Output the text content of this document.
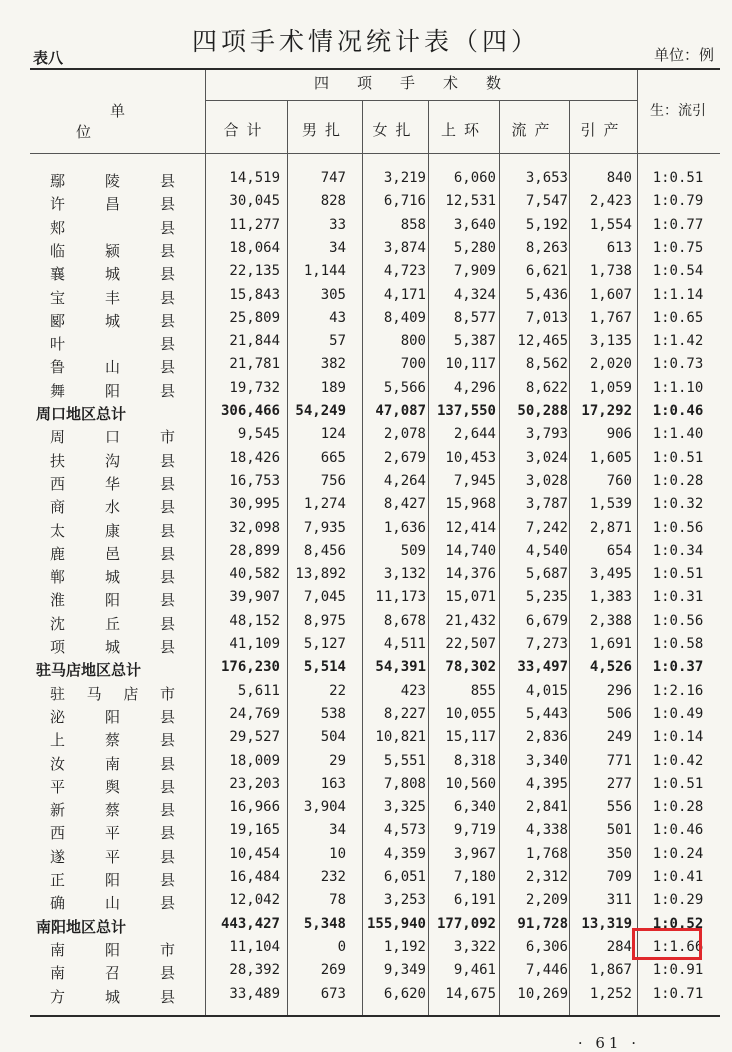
表八
四项手术情况统计表（四）	单位：例
单位
四项手术数
生：流引
合计	男扎	女扎	上环	流产	引产
鄢	陵	县	14,519	747	3,219	6,060	3,653	840	1:0.51
许	昌	县	30,045	828	6,716	12,531	7,547	2,423	1:0.79
郏	县	11,277	33	858	3,640	5,192	1,554	1:0.77
临	颍	县	18,064	34	3,874	5,280	8,263	613	1:0.75
襄	城	县	22,135	1,144	4,723	7,909	6,621	1,738	1:0.54
宝	丰	县	15,843	305	4,171	4,324	5,436	1,607	1:1.14
郾	城	县	25,809	43	8,409	8,577	7,013	1,767	1:0.65
叶	县	21,844	57	800	5,387	12,465	3,135	1:1.42
鲁	山	县	21,781	382	700	10,117	8,562	2,020	1:0.73
舞	阳	县	19,732	189	5,566	4,296	8,622	1,059	1:1.10
周口地区总计	306,466	54,249	47,087 137,550	50,288 17,292	1:0.46
周	口	市	9,545	124	2,078	2,644	3,793	906	1:1.40
扶	沟	县	18,426	665	2,679	10,453	3,024	1,605	1:0.51
西	华	县	16,753	756	4,264	7,945	3,028	760	1:0.28
商	水	县	30,995	1,274	8,427	15,968	3,787	1,539	1:0.32
太	康	县	32,098	7,935	1,636	12,414	7,242	2,871	1:0.56
鹿	邑	县	28,899	8,456	509	14,740	4,540	654	1:0.34
郸	城	县	40,582	13,892	3,132	14,376	5,687	3,495	1:0.51
淮	阳	县	39,907	7,045	11,173	15,071	5,235	1,383	1:0.31
沈	丘	县	48,152	8,975	8,678	21,432	6,679	2,388	1:0.56
项	城	县	41,109	5,127	4,511	22,507	7,273	1,691	1:0.58
驻马店地区总计	176,230	5,514	54,391	78,302	33,497	4,526	1:0.37
驻 马 店 市	5,611	22	423	855	4,015	296	1:2.16
泌	阳	县	24,769	538	8,227	10,055	5,443	506	1:0.49
上	蔡	县	29,527	504	10,821	15,117	2,836	249	1:0.14
汝	南	县	18,009	29	5,551	8,318	3,340	771	1:0.42
平	舆	县	23,203	163	7,808	10,560	4,395	277	1:0.51
新	蔡	县	16,966	3,904	3,325	6,340	2,841	556	1:0.28
西	平	县	19,165	34	4,573	9,719	4,338	501	1:0.46
遂	平	县	10,454	10	4,359	3,967	1,768	350	1:0.24
正	阳	县	16,484	232	6,051	7,180	2,312	709	1:0.41
确	山	县	12,042	78	3,253	6,191	2,209	311	1:0.29
南阳地区总计	443,427	5,348	155,940 177,092	91,728 13,319	1:0.52
南	阳	市	11,104	0	1,192	3,322	6,306	284	1:1.66
南	召	县	28,392	269	9,349	9,461	7,446	1,867	1:0.91
方	城	县	33,489	673	6,620	14,675	10,269	1,252	1:0.71
· 61 ·
